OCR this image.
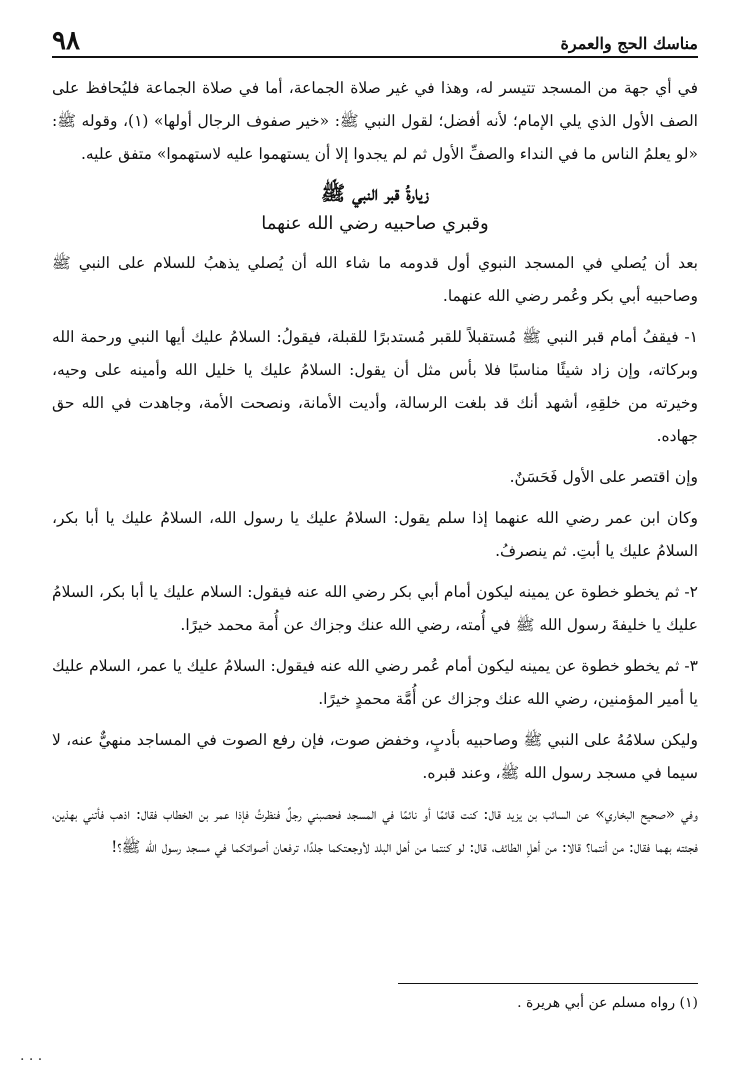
مناسك الحج والعمرة
٩٨

في أي جهة من المسجد تتيسر له، وهذا في غير صلاة الجماعة، أما في صلاة الجماعة فليُحافظ على الصف الأول الذي يلي الإمام؛ لأنه أفضل؛ لقول النبي ﷺ: «خير صفوف الرجال أولها» (١)، وقوله ﷺ: «لو يعلمُ الناس ما في النداء والصفِّ الأول ثم لم يجدوا إلا أن يستهموا عليه لاستهموا» متفق عليه.

زيارةُ قبر النبي ﷺ
وقبري صاحبيه رضي الله عنهما

بعد أن يُصلي في المسجد النبوي أول قدومه ما شاء الله أن يُصلي يذهبُ للسلام على النبي ﷺ وصاحبيه أبي بكر وعُمر رضي الله عنهما.

١- فيقفُ أمام قبر النبي ﷺ مُستقبلاً للقبر مُستدبرًا للقبلة، فيقولُ: السلامُ عليك أيها النبي ورحمة الله وبركاته، وإن زاد شيئًا مناسبًا فلا بأس مثل أن يقول: السلامُ عليك يا خليل الله وأمينه على وحيه، وخيرته من خلقِهِ، أشهد أنك قد بلغت الرسالة، وأديت الأمانة، ونصحت الأمة، وجاهدت في الله حق جهاده.

وإن اقتصر على الأول فَحَسَنٌ.

وكان ابن عمر رضي الله عنهما إذا سلم يقول: السلامُ عليك يا رسول الله، السلامُ عليك يا أبا بكر، السلامُ عليك يا أبتِ. ثم ينصرفُ.

٢- ثم يخطو خطوة عن يمينه ليكون أمام أبي بكر رضي الله عنه فيقول: السلام عليك يا أبا بكر، السلامُ عليك يا خليفةَ رسول الله ﷺ في أُمته، رضي الله عنك وجزاك عن أُمة محمد خيرًا.

٣- ثم يخطو خطوة عن يمينه ليكون أمام عُمر رضي الله عنه فيقول: السلامُ عليك يا عمر، السلام عليك يا أمير المؤمنين، رضي الله عنك وجزاك عن أُمَّة محمدٍ خيرًا.

وليكن سلامُهُ على النبي ﷺ وصاحبيه بأدبٍ، وخفض صوت، فإن رفع الصوت في المساجد منهيٌّ عنه، لا سيما في مسجد رسول الله ﷺ، وعند قبره.

وفي «صحيح البخاري» عن السائب بن يزيد قال: كنت قائمًا أو نائمًا في المسجد فحصبني رجلٌ فنظرتُ فإذا عمر بن الخطاب فقال: اذهب فأتني بهذين، فجئته بهما فقال: من أنتما؟ قالا: من أهلِ الطائف، قال: لو كنتما من أهل البلد لأوجعتكما جلدًا، ترفعان أصواتكما في مسجد رسول الله ﷺ؟!

(١) رواه مسلم عن أبي هريرة .
. . .
